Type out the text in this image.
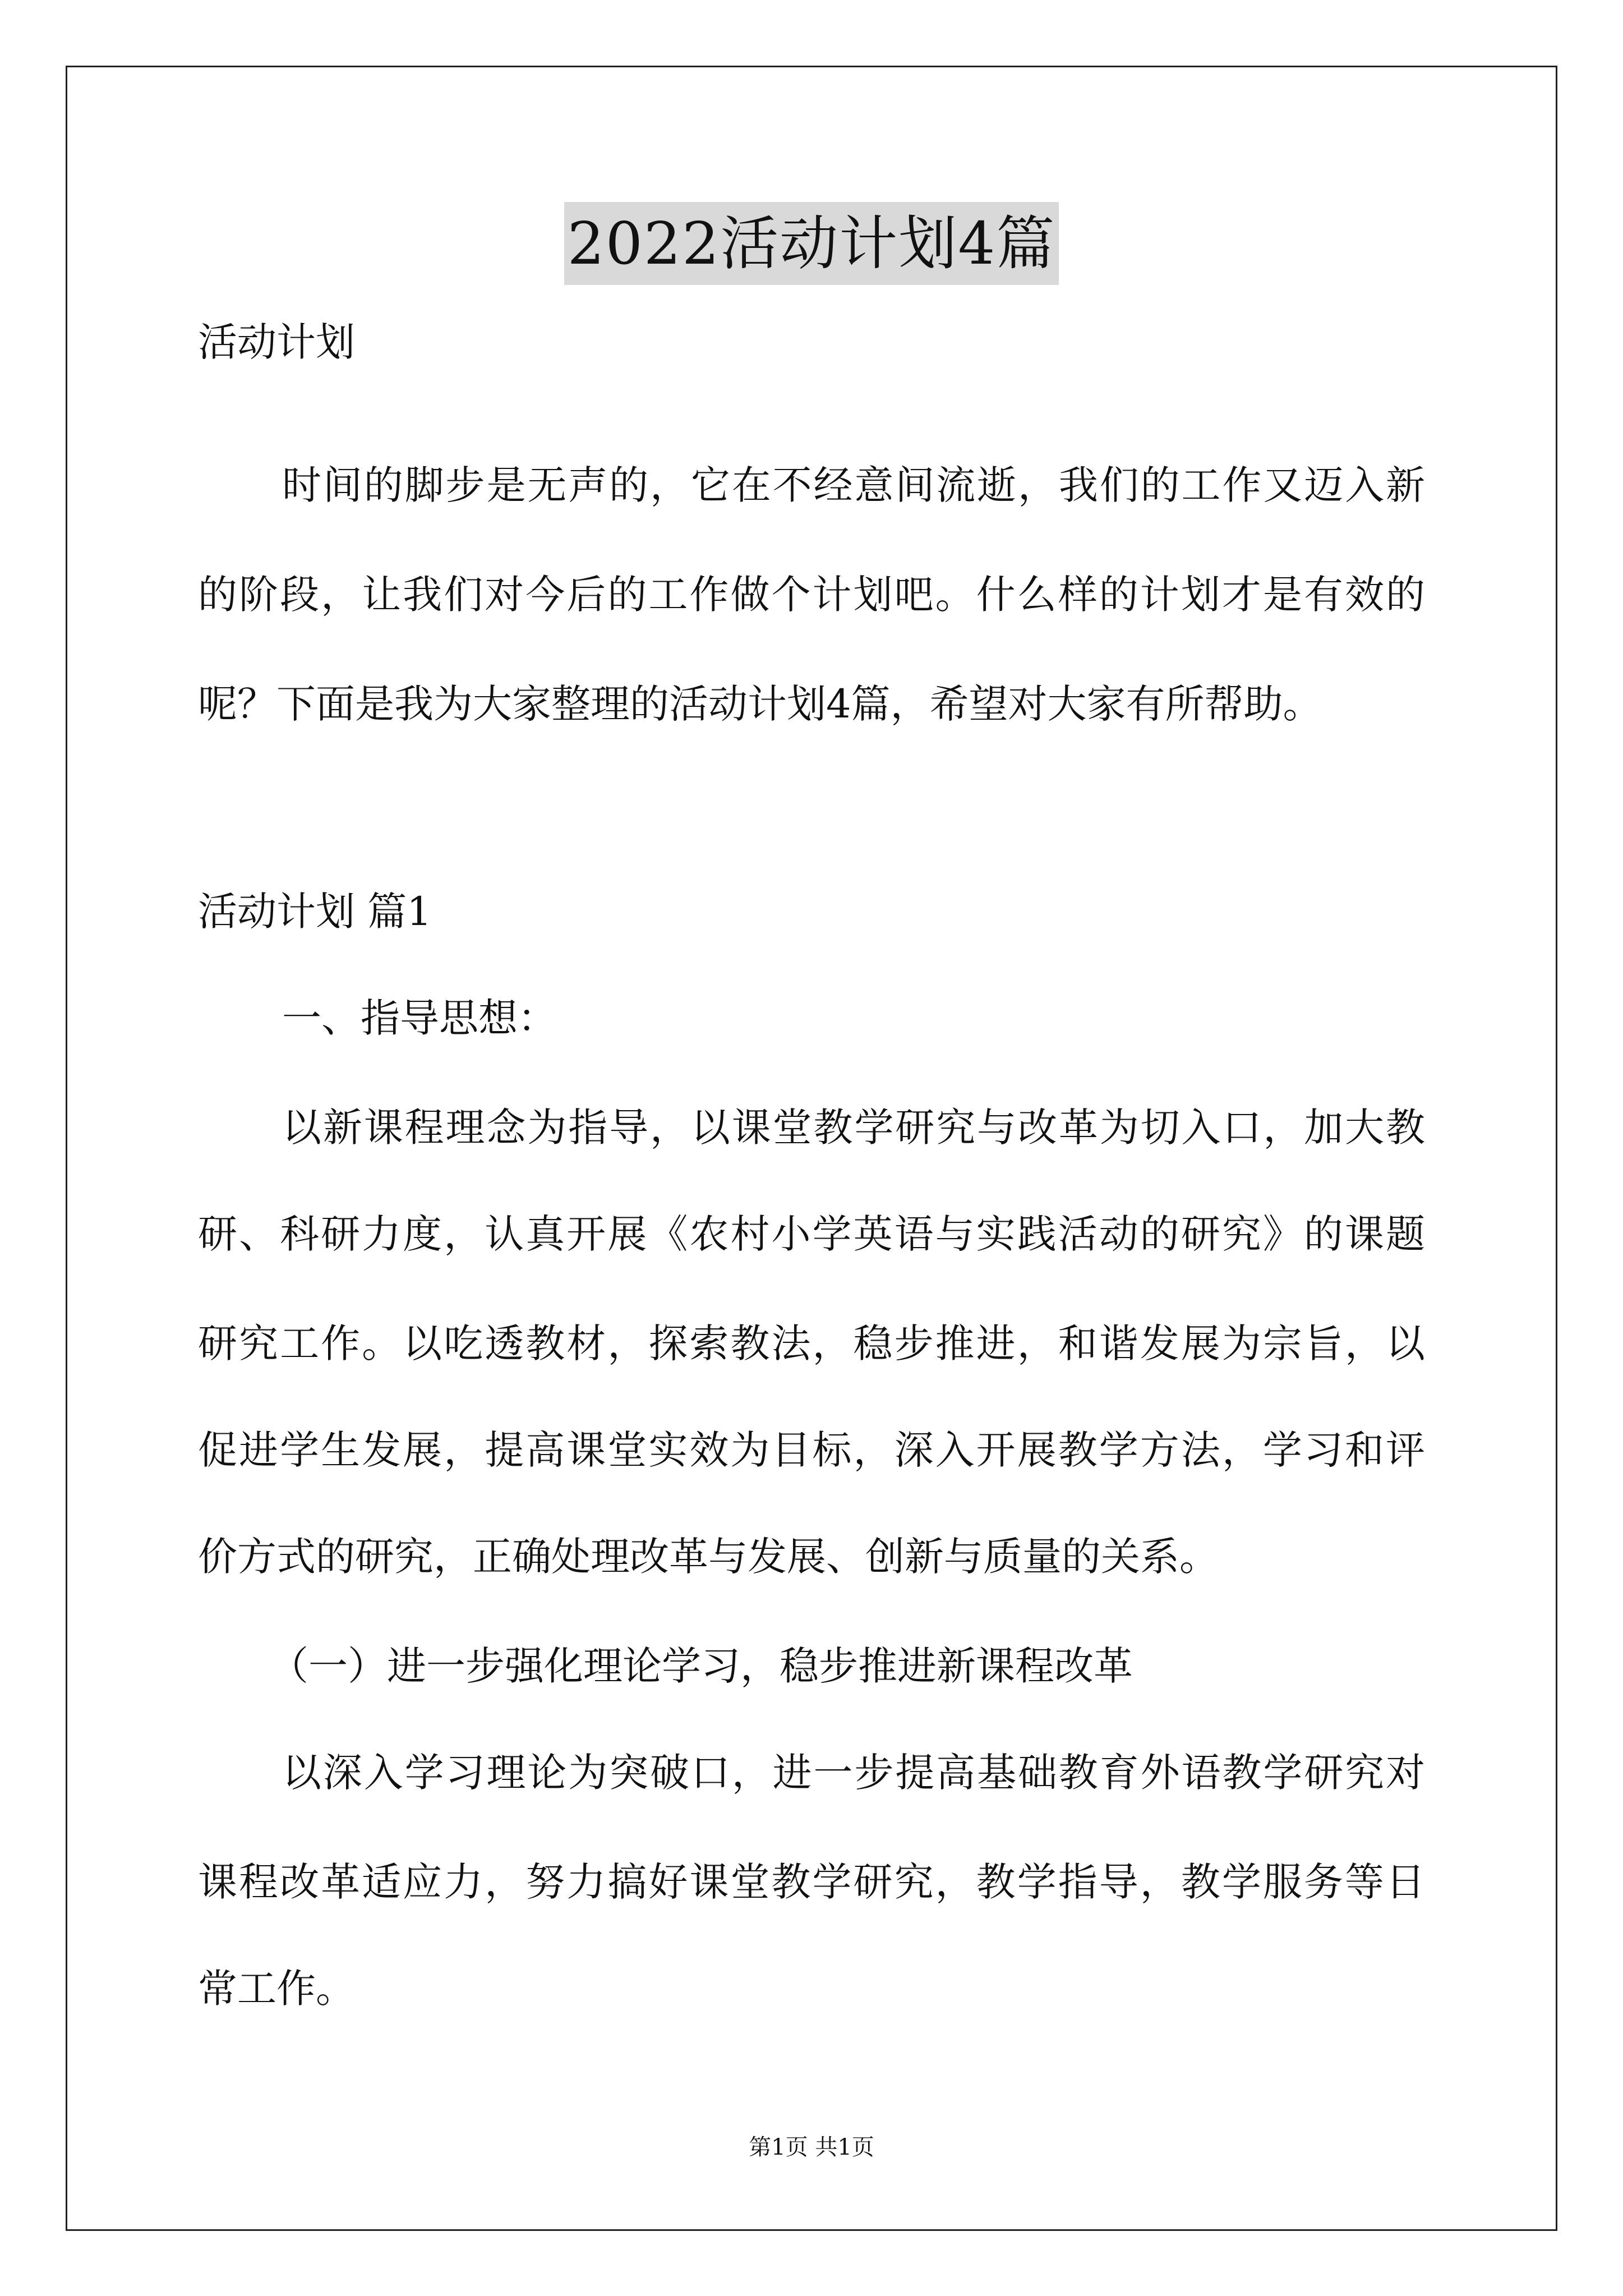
2022活动计划4篇
活动计划
时间的脚步是无声的，它在不经意间流逝，我们的工作又迈入新
的阶段，让我们对今后的工作做个计划吧。什么样的计划才是有效的
呢？下面是我为大家整理的活动计划4篇，希望对大家有所帮助。
活动计划 篇1
一、指导思想：
以新课程理念为指导，以课堂教学研究与改革为切入口，加大教
研、科研力度，认真开展《农村小学英语与实践活动的研究》的课题
研究工作。以吃透教材，探索教法，稳步推进，和谐发展为宗旨，以
促进学生发展，提高课堂实效为目标，深入开展教学方法，学习和评
价方式的研究，正确处理改革与发展、创新与质量的关系。
（一）进一步强化理论学习，稳步推进新课程改革
以深入学习理论为突破口，进一步提高基础教育外语教学研究对
课程改革适应力，努力搞好课堂教学研究，教学指导，教学服务等日
常工作。
第1页 共1页
